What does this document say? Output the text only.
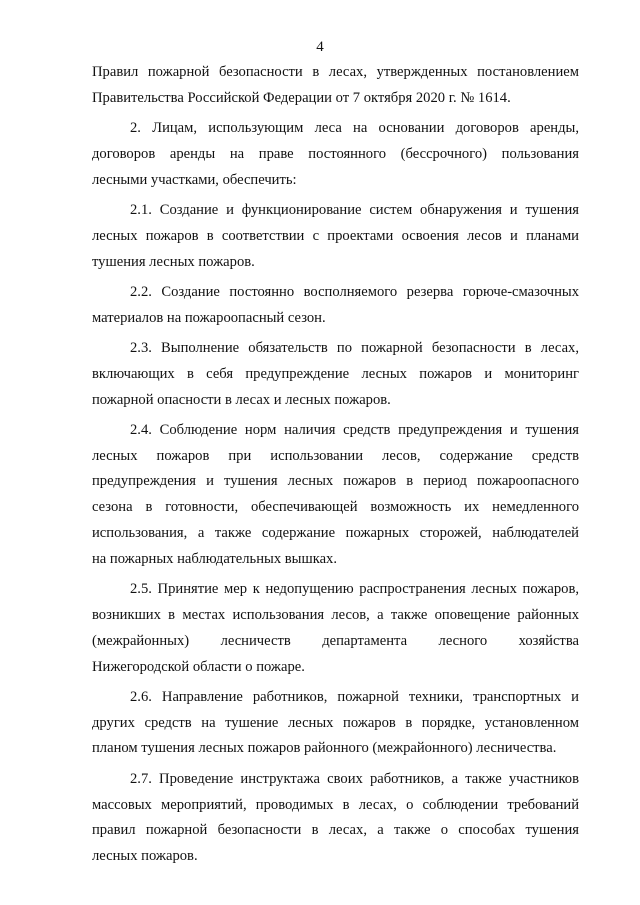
4

Правил пожарной безопасности в лесах, утвержденных постановлением
Правительства Российской Федерации от 7 октября 2020 г. № 1614.

2. Лицам, использующим леса на основании договоров аренды,
договоров аренды на праве постоянного (бессрочного) пользования
лесными участками, обеспечить:

2.1. Создание и функционирование систем обнаружения и тушения
лесных пожаров в соответствии с проектами освоения лесов и планами
тушения лесных пожаров.

2.2. Создание постоянно восполняемого резерва горюче-смазочных
материалов на пожароопасный сезон.

2.3. Выполнение обязательств по пожарной безопасности в лесах,
включающих в себя предупреждение лесных пожаров и мониторинг
пожарной опасности в лесах и лесных пожаров.

2.4. Соблюдение норм наличия средств предупреждения и тушения
лесных пожаров при использовании лесов, содержание средств
предупреждения и тушения лесных пожаров в период пожароопасного
сезона в готовности, обеспечивающей возможность их немедленного
использования, а также содержание пожарных сторожей, наблюдателей
на пожарных наблюдательных вышках.

2.5. Принятие мер к недопущению распространения лесных пожаров,
возникших в местах использования лесов, а также оповещение районных
(межрайонных) лесничеств департамента лесного хозяйства
Нижегородской области о пожаре.

2.6. Направление работников, пожарной техники, транспортных и
других средств на тушение лесных пожаров в порядке, установленном
планом тушения лесных пожаров районного (межрайонного) лесничества.

2.7. Проведение инструктажа своих работников, а также участников
массовых мероприятий, проводимых в лесах, о соблюдении требований
правил пожарной безопасности в лесах, а также о способах тушения
лесных пожаров.
